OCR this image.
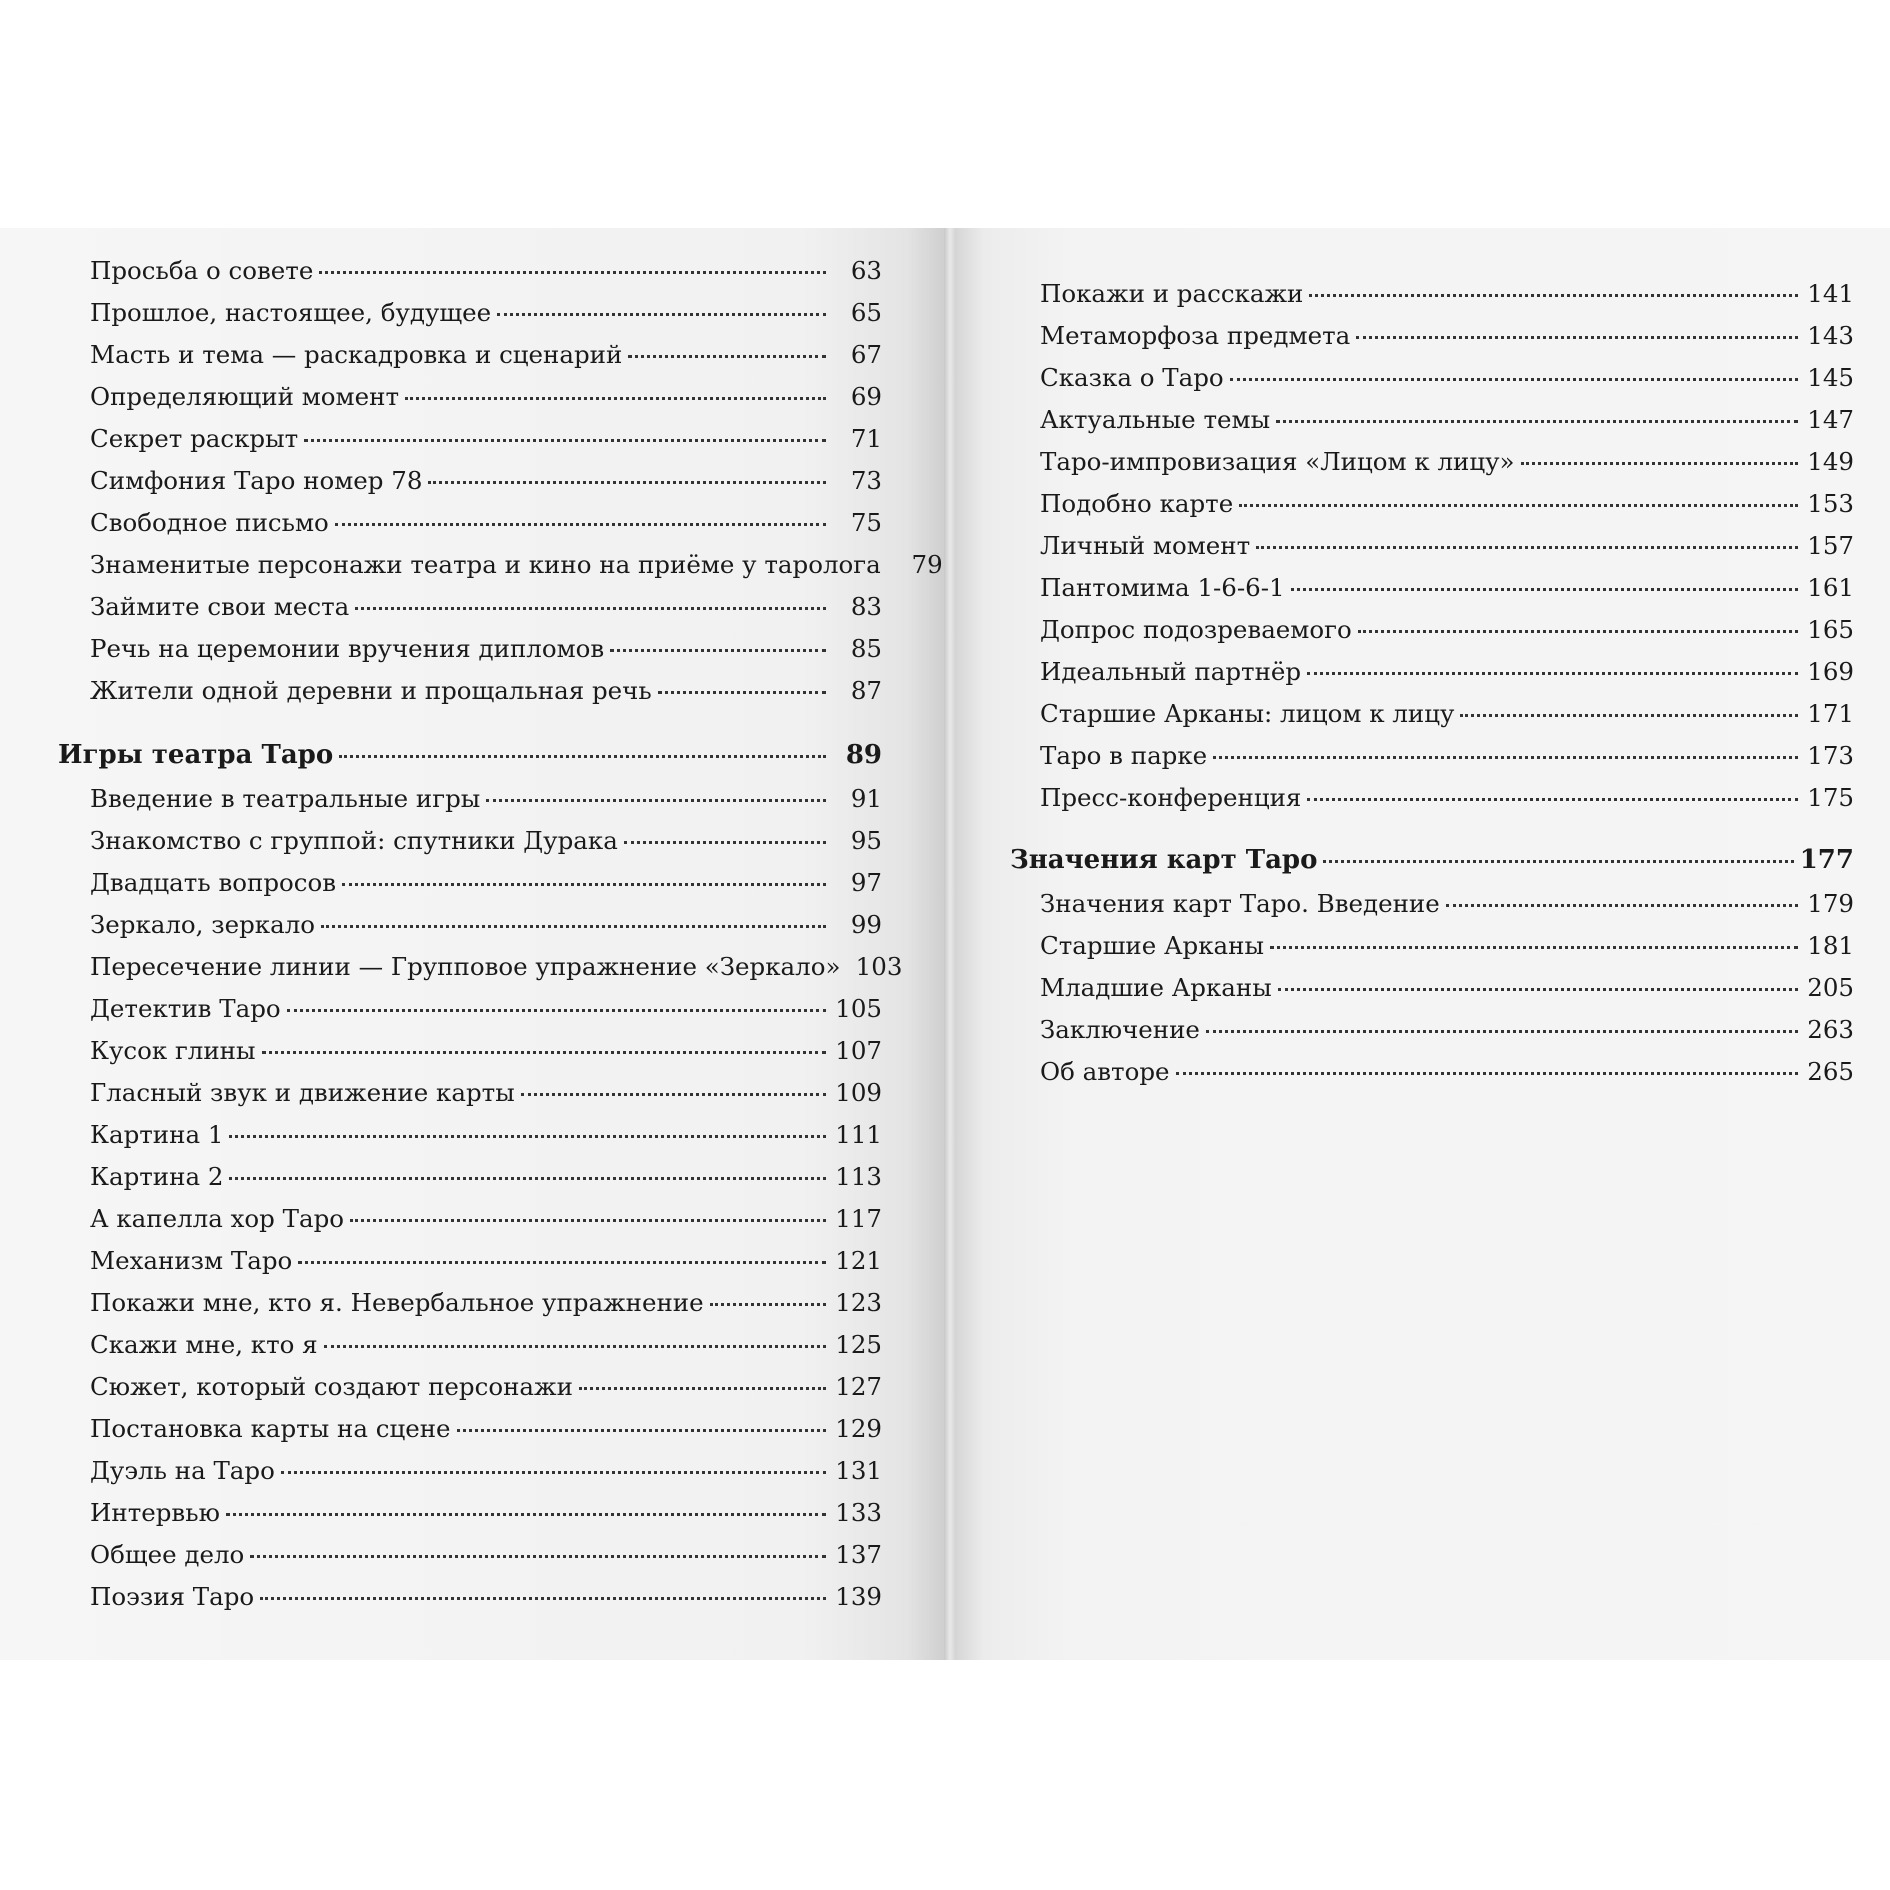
Просьба о совете	63
Прошлое, настоящее, будущее	65
Масть и тема — раскадровка и сценарий	67
Определяющий момент	69
Секрет раскрыт	71
Симфония Таро номер 78	73
Свободное письмо	75
Знаменитые персонажи театра и кино на приёме у таролога	79
Займите свои места	83
Речь на церемонии вручения дипломов	85
Жители одной деревни и прощальная речь	87
Игры театра Таро	89
Введение в театральные игры	91
Знакомство с группой: спутники Дурака	95
Двадцать вопросов	97
Зеркало, зеркало	99
Пересечение линии — Групповое упражнение «Зеркало» 103
Детектив Таро	105
Кусок глины	107
Гласный звук и движение карты	109
Картина 1	111
Картина 2	113
А капелла хор Таро	117
Механизм Таро	121
Покажи мне, кто я. Невербальное упражнение	123
Скажи мне, кто я	125
Сюжет, который создают персонажи	127
Постановка карты на сцене	129
Дуэль на Таро	131
Интервью	133
Общее дело	137
Поэзия Таро	139
Покажи и расскажи	141
Метаморфоза предмета	143
Сказка о Таро	145
Актуальные темы	147
Таро-импровизация «Лицом к лицу»	149
Подобно карте	153
Личный момент	157
Пантомима 1-6-6-1	161
Допрос подозреваемого	165
Идеальный партнёр	169
Старшие Арканы: лицом к лицу	171
Таро в парке	173
Пресс-конференция	175
Значения карт Таро	177
Значения карт Таро. Введение	179
Старшие Арканы	181
Младшие Арканы	205
Заключение	263
Об авторе	265
